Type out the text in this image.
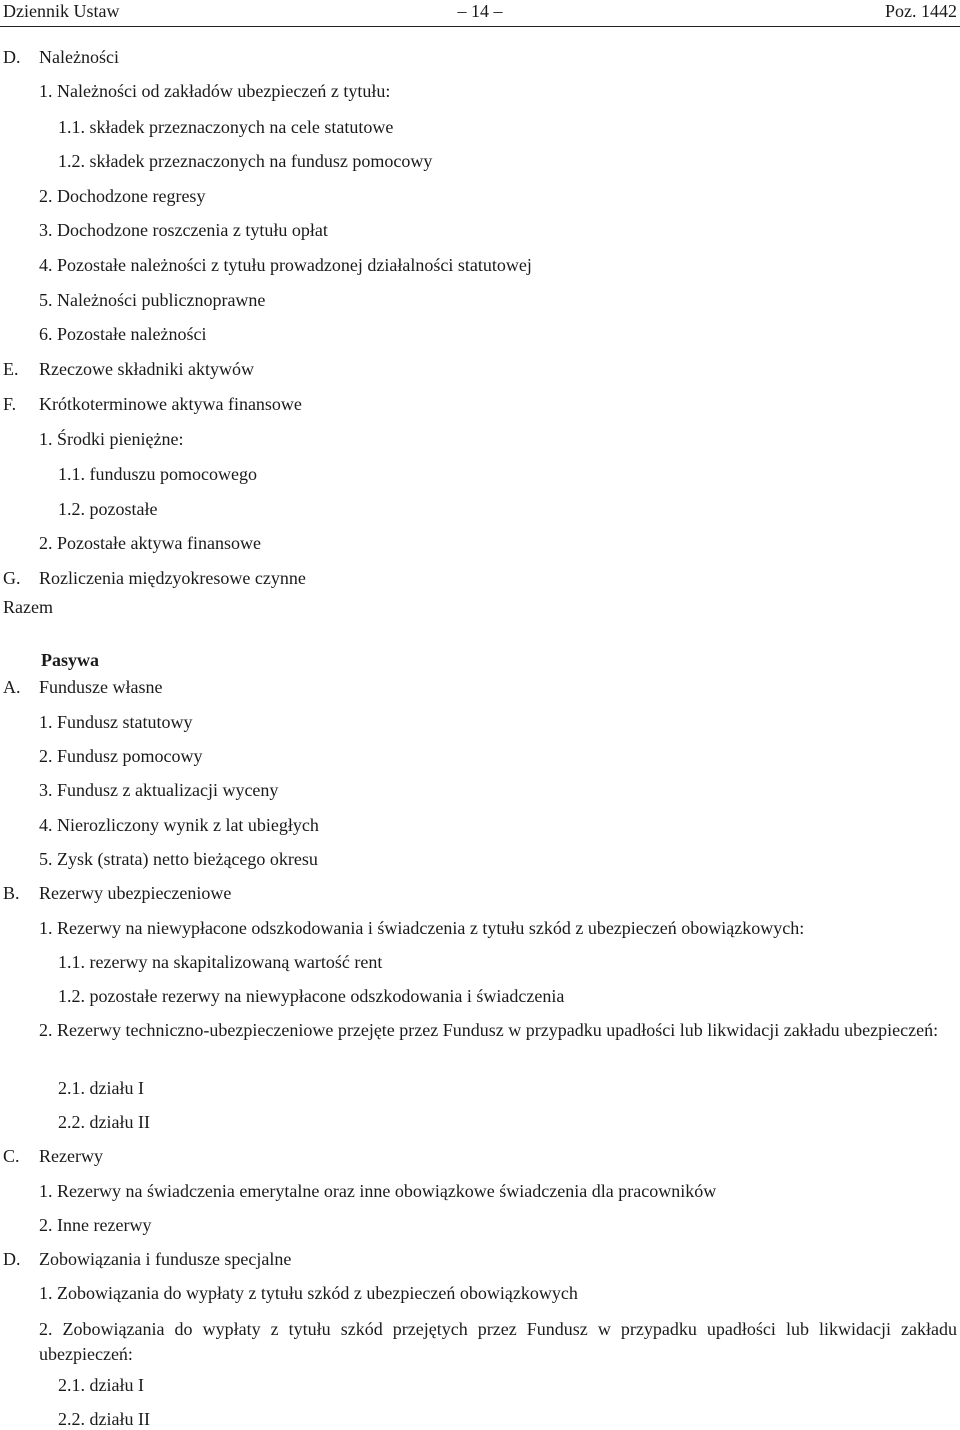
Dziennik Ustaw	– 14 –	Poz. 1442
D. Należności
1. Należności od zakładów ubezpieczeń z tytułu:
1.1. składek przeznaczonych na cele statutowe
1.2. składek przeznaczonych na fundusz pomocowy
2. Dochodzone regresy
3. Dochodzone roszczenia z tytułu opłat
4. Pozostałe należności z tytułu prowadzonej działalności statutowej
5. Należności publicznoprawne
6. Pozostałe należności
E. Rzeczowe składniki aktywów
F. Krótkoterminowe aktywa finansowe
1. Środki pieniężne:
1.1. funduszu pomocowego
1.2. pozostałe
2. Pozostałe aktywa finansowe
G. Rozliczenia międzyokresowe czynne
Razem
Pasywa
A. Fundusze własne
1. Fundusz statutowy
2. Fundusz pomocowy
3. Fundusz z aktualizacji wyceny
4. Nierozliczony wynik z lat ubiegłych
5. Zysk (strata) netto bieżącego okresu
B. Rezerwy ubezpieczeniowe
1. Rezerwy na niewypłacone odszkodowania i świadczenia z tytułu szkód z ubezpieczeń obowiązkowych:
1.1. rezerwy na skapitalizowaną wartość rent
1.2. pozostałe rezerwy na niewypłacone odszkodowania i świadczenia
2. Rezerwy techniczno-ubezpieczeniowe przejęte przez Fundusz w przypadku upadłości lub likwidacji zakładu ubezpieczeń:
2.1. działu I
2.2. działu II
C. Rezerwy
1. Rezerwy na świadczenia emerytalne oraz inne obowiązkowe świadczenia dla pracowników
2. Inne rezerwy
D. Zobowiązania i fundusze specjalne
1. Zobowiązania do wypłaty z tytułu szkód z ubezpieczeń obowiązkowych
2. Zobowiązania do wypłaty z tytułu szkód przejętych przez Fundusz w przypadku upadłości lub likwidacji zakładu ubezpieczeń:
2.1. działu I
2.2. działu II
